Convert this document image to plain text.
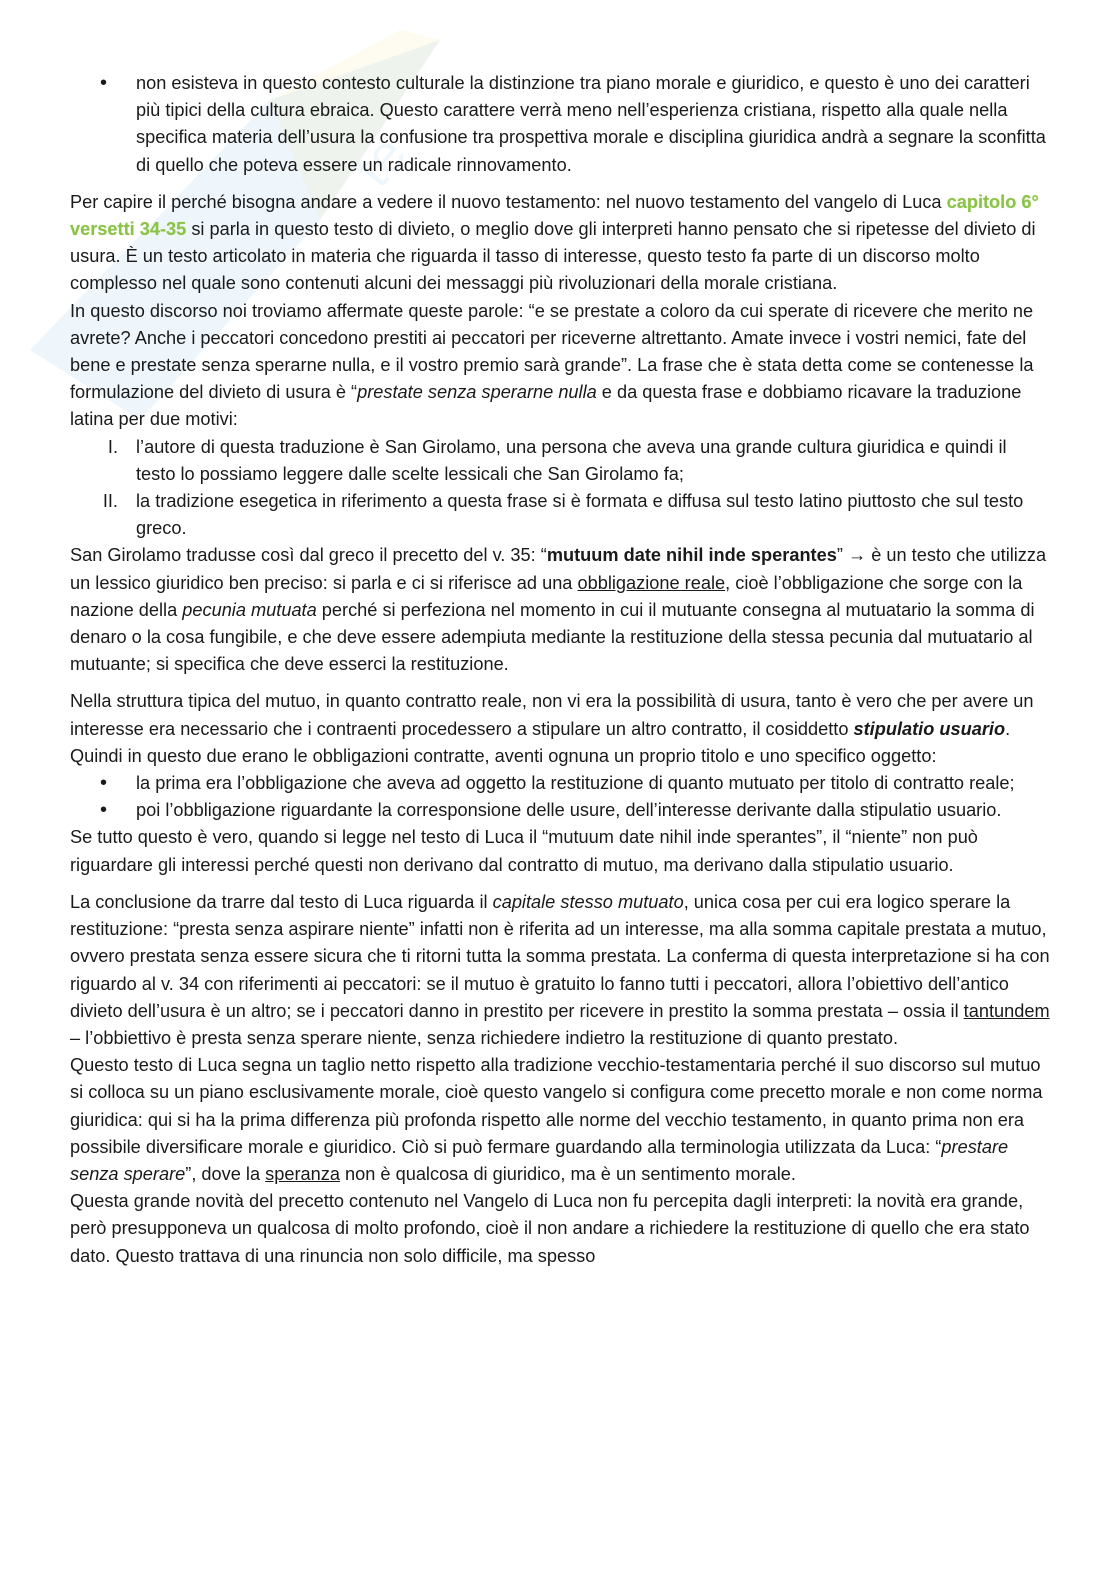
te
• non esisteva in questo contesto culturale la distinzione tra piano morale e giuridico, e questo è uno dei caratteri più tipici della cultura ebraica. Questo carattere verrà meno nell’esperienza cristiana, rispetto alla quale nella specifica materia dell’usura la confusione tra prospettiva morale e disciplina giuridica andrà a segnare la sconfitta di quello che poteva essere un radicale rinnovamento.

Per capire il perché bisogna andare a vedere il nuovo testamento: nel nuovo testamento del vangelo di Luca capitolo 6° versetti 34-35 si parla in questo testo di divieto, o meglio dove gli interpreti hanno pensato che si ripetesse del divieto di usura. È un testo articolato in materia che riguarda il tasso di interesse, questo testo fa parte di un discorso molto complesso nel quale sono contenuti alcuni dei messaggi più rivoluzionari della morale cristiana.

In questo discorso noi troviamo affermate queste parole: “e se prestate a coloro da cui sperate di ricevere che merito ne avrete? Anche i peccatori concedono prestiti ai peccatori per riceverne altrettanto. Amate invece i vostri nemici, fate del bene e prestate senza sperarne nulla, e il vostro premio sarà grande”. La frase che è stata detta come se contenesse la formulazione del divieto di usura è “prestate senza sperarne nulla e da questa frase e dobbiamo ricavare la traduzione latina per due motivi:

I. l’autore di questa traduzione è San Girolamo, una persona che aveva una grande cultura giuridica e quindi il testo lo possiamo leggere dalle scelte lessicali che San Girolamo fa;
II. la tradizione esegetica in riferimento a questa frase si è formata e diffusa sul testo latino piuttosto che sul testo greco.

San Girolamo tradusse così dal greco il precetto del v. 35: “mutuum date nihil inde sperantes” → è un testo che utilizza un lessico giuridico ben preciso: si parla e ci si riferisce ad una obbligazione reale, cioè l’obbligazione che sorge con la nazione della pecunia mutuata perché si perfeziona nel momento in cui il mutuante consegna al mutuatario la somma di denaro o la cosa fungibile, e che deve essere adempiuta mediante la restituzione della stessa pecunia dal mutuatario al mutuante; si specifica che deve esserci la restituzione.

Nella struttura tipica del mutuo, in quanto contratto reale, non vi era la possibilità di usura, tanto è vero che per avere un interesse era necessario che i contraenti procedessero a stipulare un altro contratto, il cosiddetto stipulatio usuario. Quindi in questo due erano le obbligazioni contratte, aventi ognuna un proprio titolo e uno specifico oggetto:

• la prima era l’obbligazione che aveva ad oggetto la restituzione di quanto mutuato per titolo di contratto reale;
• poi l’obbligazione riguardante la corresponsione delle usure, dell’interesse derivante dalla stipulatio usuario.

Se tutto questo è vero, quando si legge nel testo di Luca il “mutuum date nihil inde sperantes”, il “niente” non può riguardare gli interessi perché questi non derivano dal contratto di mutuo, ma derivano dalla stipulatio usuario.

La conclusione da trarre dal testo di Luca riguarda il capitale stesso mutuato, unica cosa per cui era logico sperare la restituzione: “presta senza aspirare niente” infatti non è riferita ad un interesse, ma alla somma capitale prestata a mutuo, ovvero prestata senza essere sicura che ti ritorni tutta la somma prestata. La conferma di questa interpretazione si ha con riguardo al v. 34 con riferimenti ai peccatori: se il mutuo è gratuito lo fanno tutti i peccatori, allora l’obiettivo dell’antico divieto dell’usura è un altro; se i peccatori danno in prestito per ricevere in prestito la somma prestata – ossia il tantundem – l’obbiettivo è presta senza sperare niente, senza richiedere indietro la restituzione di quanto prestato.

Questo testo di Luca segna un taglio netto rispetto alla tradizione vecchio-testamentaria perché il suo discorso sul mutuo si colloca su un piano esclusivamente morale, cioè questo vangelo si configura come precetto morale e non come norma giuridica: qui si ha la prima differenza più profonda rispetto alle norme del vecchio testamento, in quanto prima non era possibile diversificare morale e giuridico. Ciò si può fermare guardando alla terminologia utilizzata da Luca: “prestare senza sperare”, dove la speranza non è qualcosa di giuridico, ma è un sentimento morale.

Questa grande novità del precetto contenuto nel Vangelo di Luca non fu percepita dagli interpreti: la novità era grande, però presupponeva un qualcosa di molto profondo, cioè il non andare a richiedere la restituzione di quello che era stato dato. Questo trattava di una rinuncia non solo difficile, ma spesso
